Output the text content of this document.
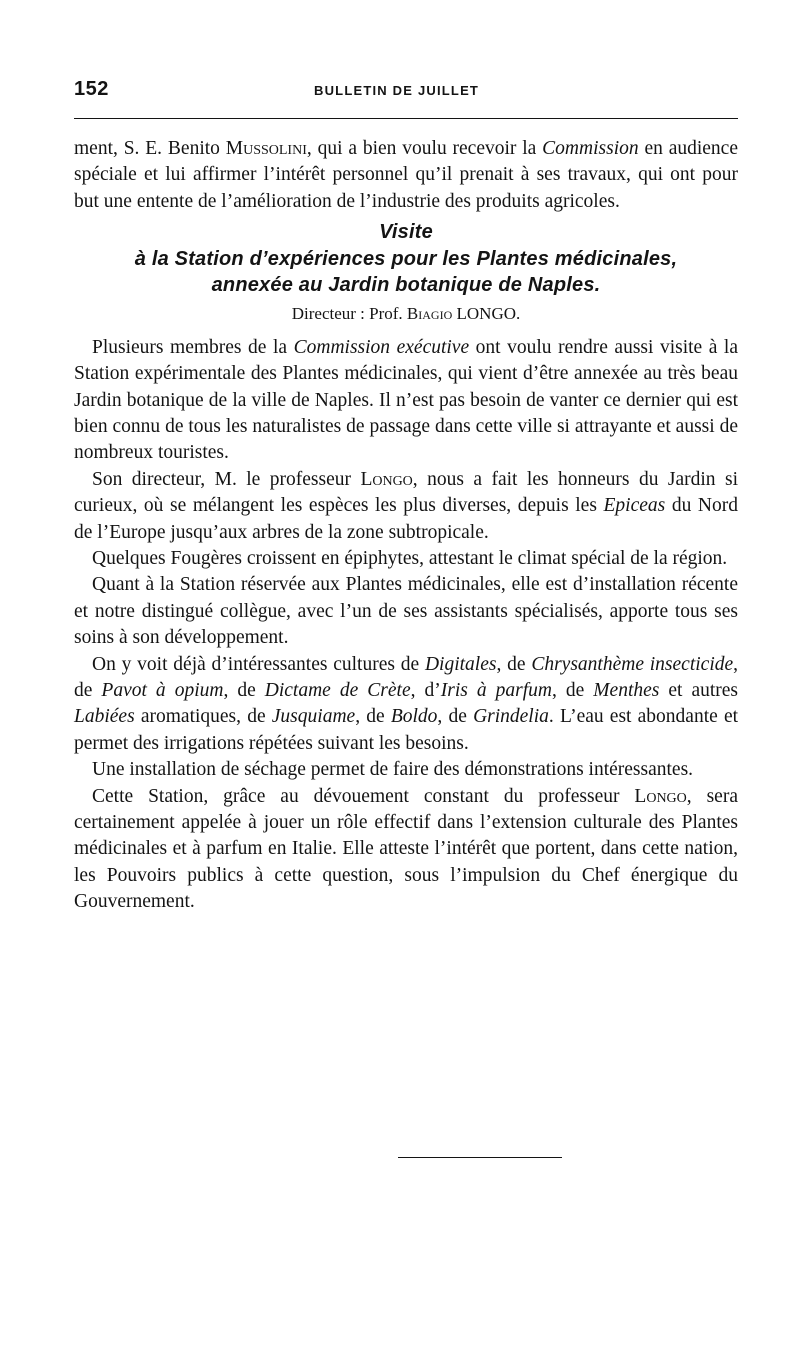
152	BULLETIN DE JUILLET

ment, S. E. Benito Mussolini, qui a bien voulu recevoir la Commission en audience spéciale et lui affirmer l’intérêt personnel qu’il prenait à ses travaux, qui ont pour but une entente de l’amélioration de l’industrie des produits agricoles.

Visite
à la Station d’expériences pour les Plantes médicinales,
annexée au Jardin botanique de Naples.
Directeur : Prof. Biagio LONGO.

Plusieurs membres de la Commission exécutive ont voulu rendre aussi visite à la Station expérimentale des Plantes médicinales, qui vient d’être annexée au très beau Jardin botanique de la ville de Naples. Il n’est pas besoin de vanter ce dernier qui est bien connu de tous les naturalistes de passage dans cette ville si attrayante et aussi de nombreux touristes.

Son directeur, M. le professeur Longo, nous a fait les honneurs du Jardin si curieux, où se mélangent les espèces les plus diverses, depuis les Epiceas du Nord de l’Europe jusqu’aux arbres de la zone subtropicale.

Quelques Fougères croissent en épiphytes, attestant le climat spécial de la région.

Quant à la Station réservée aux Plantes médicinales, elle est d’installation récente et notre distingué collègue, avec l’un de ses assistants spécialisés, apporte tous ses soins à son développement.

On y voit déjà d’intéressantes cultures de Digitales, de Chrysanthème insecticide, de Pavot à opium, de Dictame de Crète, d’Iris à parfum, de Menthes et autres Labiées aromatiques, de Jusquiame, de Boldo, de Grindelia. L’eau est abondante et permet des irrigations répétées suivant les besoins.

Une installation de séchage permet de faire des démonstrations intéressantes.

Cette Station, grâce au dévouement constant du professeur Longo, sera certainement appelée à jouer un rôle effectif dans l’extension culturale des Plantes médicinales et à parfum en Italie. Elle atteste l’intérêt que portent, dans cette nation, les Pouvoirs publics à cette question, sous l’impulsion du Chef énergique du Gouvernement.
